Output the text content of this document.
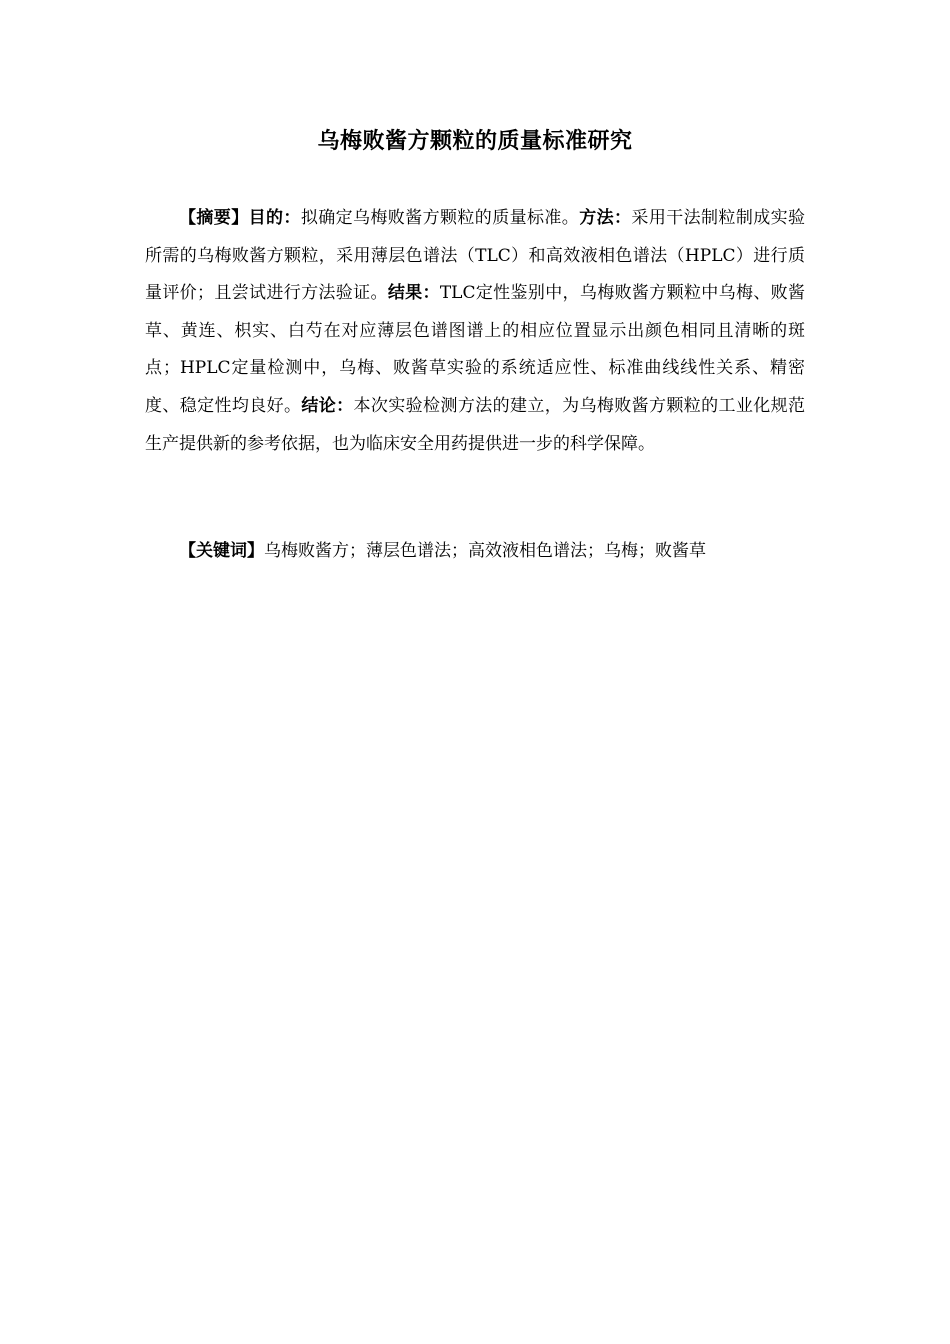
乌梅败酱方颗粒的质量标准研究
【摘要】目的：拟确定乌梅败酱方颗粒的质量标准。方法：采用干法制粒制成实验所需的乌梅败酱方颗粒，采用薄层色谱法（TLC）和高效液相色谱法（HPLC）进行质量评价；且尝试进行方法验证。结果：TLC定性鉴别中，乌梅败酱方颗粒中乌梅、败酱草、黄连、枳实、白芍在对应薄层色谱图谱上的相应位置显示出颜色相同且清晰的斑点；HPLC定量检测中，乌梅、败酱草实验的系统适应性、标准曲线线性关系、精密度、稳定性均良好。结论：本次实验检测方法的建立，为乌梅败酱方颗粒的工业化规范生产提供新的参考依据，也为临床安全用药提供进一步的科学保障。
【关键词】乌梅败酱方；薄层色谱法；高效液相色谱法；乌梅；败酱草
